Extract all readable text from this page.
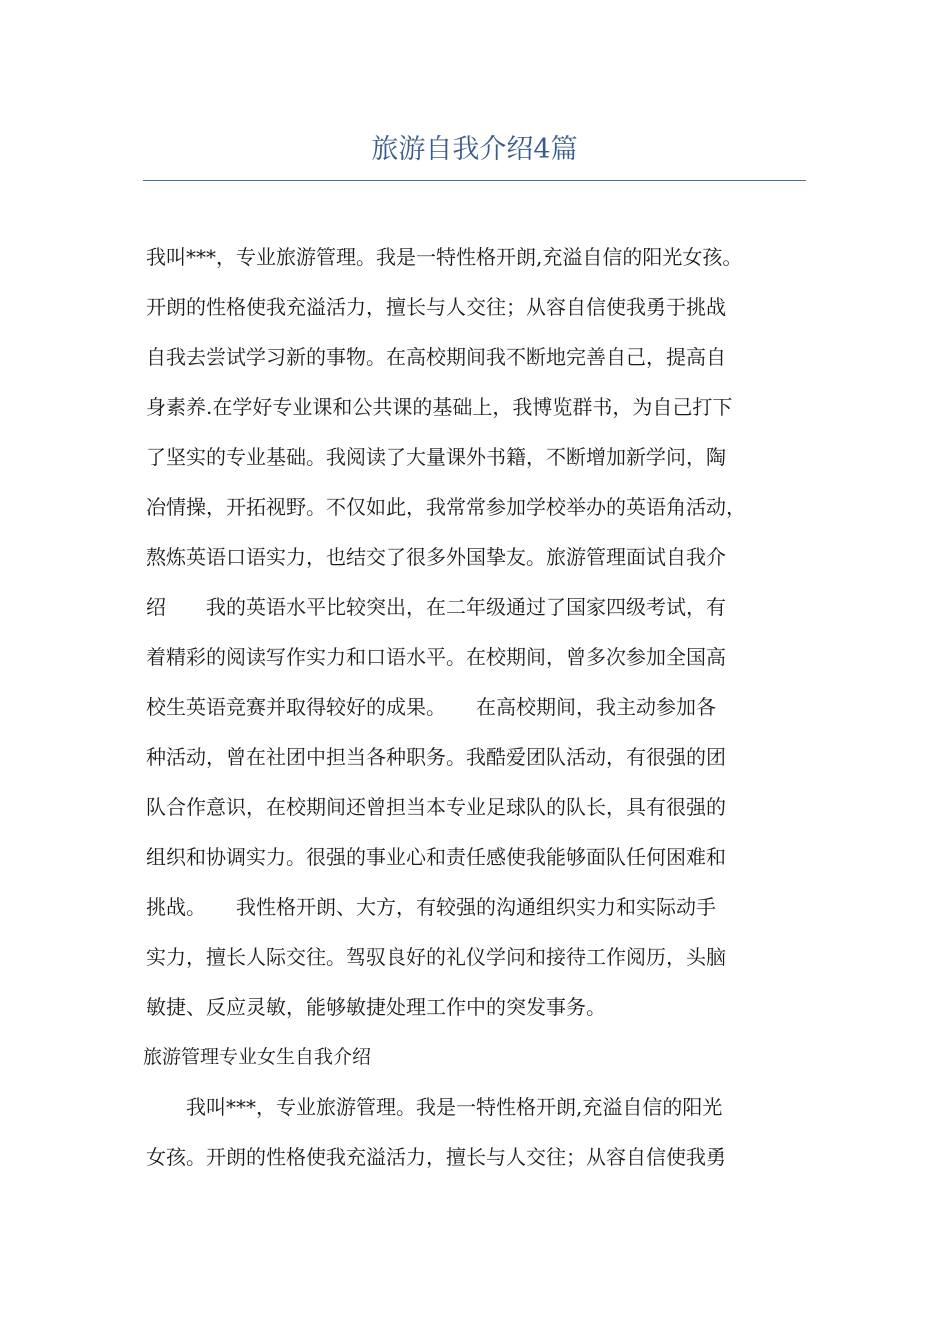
旅游自我介绍4篇
我叫***，专业旅游管理。我是一特性格开朗,充溢自信的阳光女孩。
开朗的性格使我充溢活力，擅长与人交往；从容自信使我勇于挑战
自我去尝试学习新的事物。在高校期间我不断地完善自己，提高自
身素养.在学好专业课和公共课的基础上，我博览群书，为自己打下
了坚实的专业基础。我阅读了大量课外书籍，不断增加新学问，陶
冶情操，开拓视野。不仅如此，我常常参加学校举办的英语角活动，
熬炼英语口语实力，也结交了很多外国挚友。旅游管理面试自我介
绍　　我的英语水平比较突出，在二年级通过了国家四级考试，有
着精彩的阅读写作实力和口语水平。在校期间，曾多次参加全国高
校生英语竞赛并取得较好的成果。　　在高校期间，我主动参加各
种活动，曾在社团中担当各种职务。我酷爱团队活动，有很强的团
队合作意识，在校期间还曾担当本专业足球队的队长，具有很强的
组织和协调实力。很强的事业心和责任感使我能够面队任何困难和
挑战。　　我性格开朗、大方，有较强的沟通组织实力和实际动手
实力，擅长人际交往。驾驭良好的礼仪学问和接待工作阅历，头脑
敏捷、反应灵敏，能够敏捷处理工作中的突发事务。
旅游管理专业女生自我介绍
　　我叫***，专业旅游管理。我是一特性格开朗,充溢自信的阳光
女孩。开朗的性格使我充溢活力，擅长与人交往；从容自信使我勇
